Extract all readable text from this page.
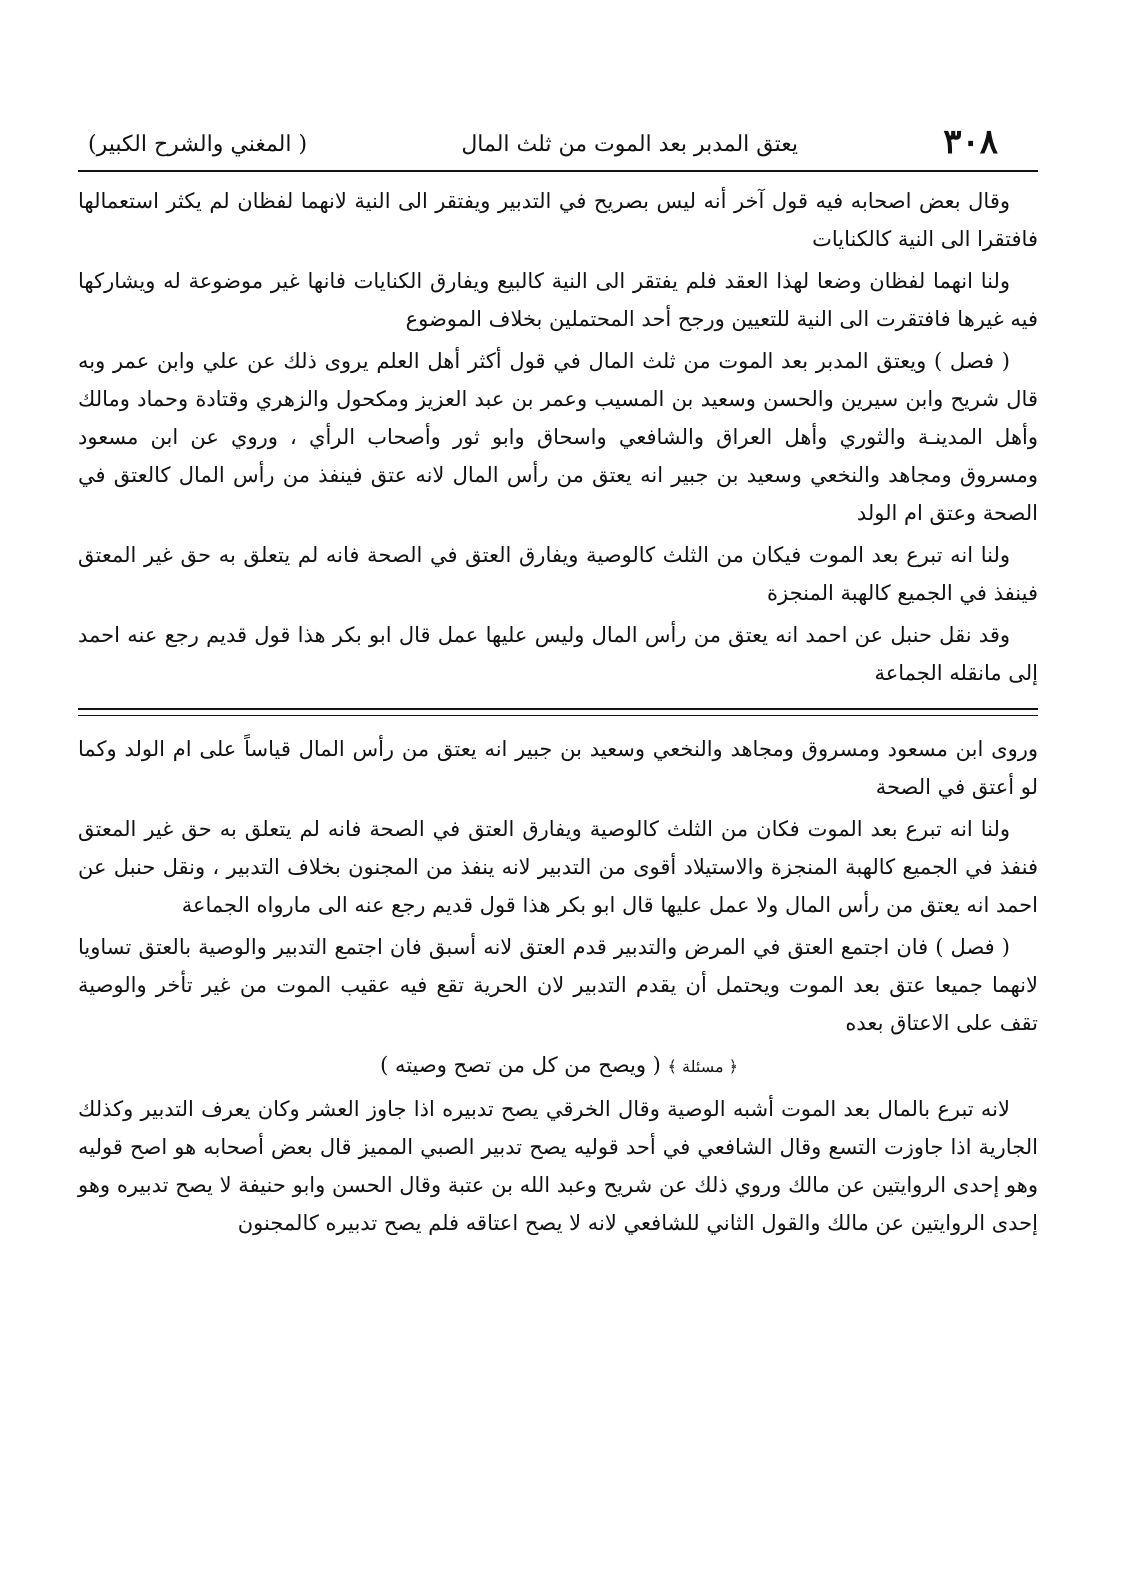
٣٠٨
يعتق المدبر بعد الموت من ثلث المال
( المغني والشرح الكبير)

وقال بعض اصحابه فيه قول آخر أنه ليس بصريح في التدبير ويفتقر الى النية لانهما لفظان لم يكثر استعمالها فافتقرا الى النية كالكنايات

ولنا انهما لفظان وضعا لهذا العقد فلم يفتقر الى النية كالبيع ويفارق الكنايات فانها غير موضوعة له ويشاركها فيه غيرها فافتقرت الى النية للتعيين ورجح أحد المحتملين بخلاف الموضوع

( فصل ) ويعتق المدبر بعد الموت من ثلث المال في قول أكثر أهل العلم يروى ذلك عن علي وابن عمر وبه قال شريح وابن سيرين والحسن وسعيد بن المسيب وعمر بن عبد العزيز ومكحول والزهري وقتادة وحماد ومالك وأهل المدينـة والثوري وأهل العراق والشافعي واسحاق وابو ثور وأصحاب الرأي ، وروي عن ابن مسعود ومسروق ومجاهد والنخعي وسعيد بن جبير انه يعتق من رأس المال لانه عتق فينفذ من رأس المال كالعتق في الصحة وعتق ام الولد

ولنا انه تبرع بعد الموت فيكان من الثلث كالوصية ويفارق العتق في الصحة فانه لم يتعلق به حق غير المعتق فينفذ في الجميع كالهبة المنجزة

وقد نقل حنبل عن احمد انه يعتق من رأس المال وليس عليها عمل قال ابو بكر هذا قول قديم رجع عنه احمد إلى مانقله الجماعة

وروى ابن مسعود ومسروق ومجاهد والنخعي وسعيد بن جبير انه يعتق من رأس المال قياساً على ام الولد وكما لو أعتق في الصحة

ولنا انه تبرع بعد الموت فكان من الثلث كالوصية ويفارق العتق في الصحة فانه لم يتعلق به حق غير المعتق فنفذ في الجميع كالهبة المنجزة والاستيلاد أقوى من التدبير لانه ينفذ من المجنون بخلاف التدبير ، ونقل حنبل عن احمد انه يعتق من رأس المال ولا عمل عليها قال ابو بكر هذا قول قديم رجع عنه الى مارواه الجماعة

( فصل ) فان اجتمع العتق في المرض والتدبير قدم العتق لانه أسبق فان اجتمع التدبير والوصية بالعتق تساويا لانهما جميعا عتق بعد الموت ويحتمل أن يقدم التدبير لان الحرية تقع فيه عقيب الموت من غير تأخر والوصية تقف على الاعتاق بعده

﴿ مسئلة ﴾ ( ويصح من كل من تصح وصيته )

لانه تبرع بالمال بعد الموت أشبه الوصية وقال الخرقي يصح تدبيره اذا جاوز العشر وكان يعرف التدبير وكذلك الجارية اذا جاوزت التسع وقال الشافعي في أحد قوليه يصح تدبير الصبي المميز قال بعض أصحابه هو اصح قوليه وهو إحدى الروايتين عن مالك وروي ذلك عن شريح وعبد الله بن عتبة وقال الحسن وابو حنيفة لا يصح تدبيره وهو إحدى الروايتين عن مالك والقول الثاني للشافعي لانه لا يصح اعتاقه فلم يصح تدبيره كالمجنون
